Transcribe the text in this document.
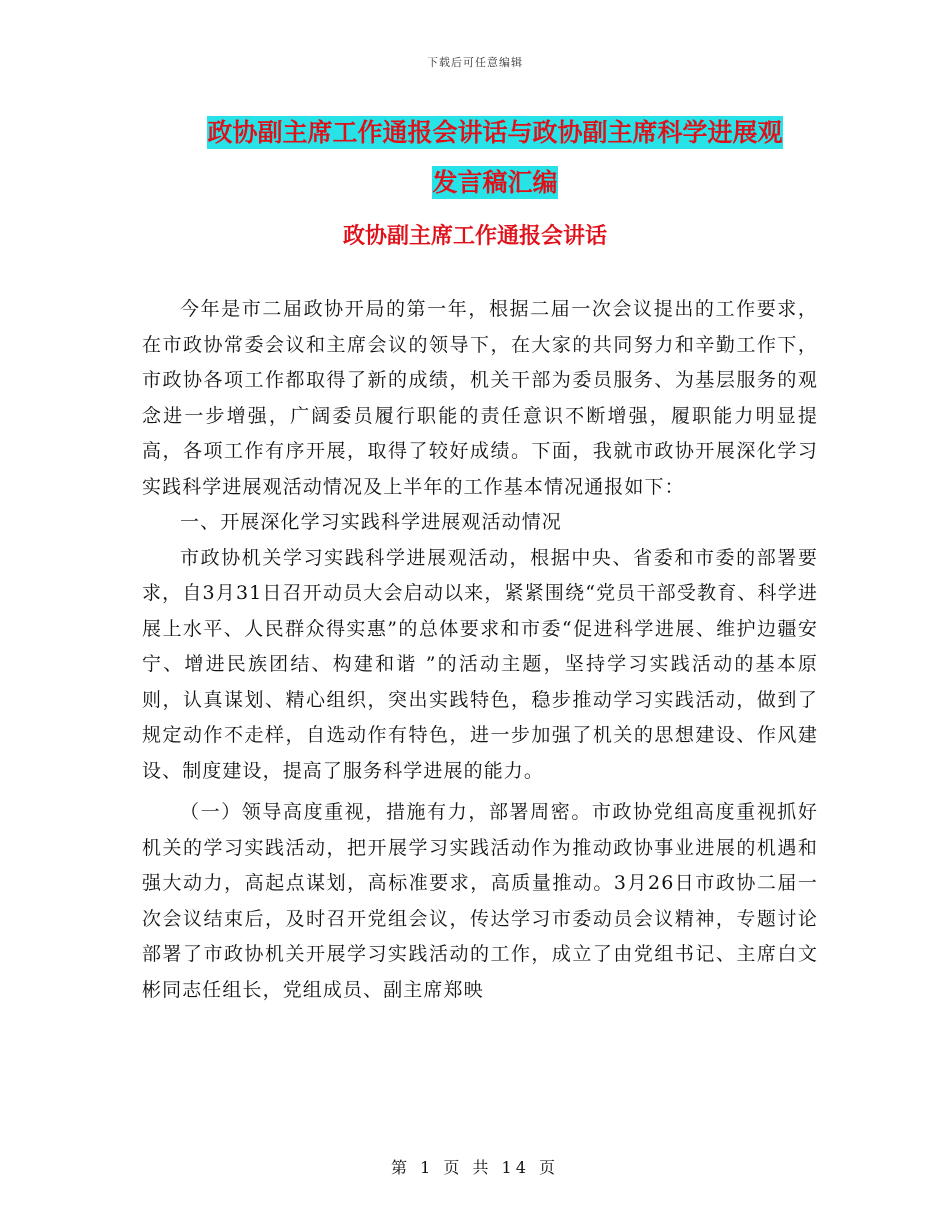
下载后可任意编辑
政协副主席工作通报会讲话与政协副主席科学进展观
发言稿汇编
政协副主席工作通报会讲话

今年是市二届政协开局的第一年，根据二届一次会议提出的工作要求，在市政协常委会议和主席会议的领导下，在大家的共同努力和辛勤工作下，市政协各项工作都取得了新的成绩，机关干部为委员服务、为基层服务的观念进一步增强，广阔委员履行职能的责任意识不断增强，履职能力明显提高，各项工作有序开展，取得了较好成绩。下面，我就市政协开展深化学习实践科学进展观活动情况及上半年的工作基本情况通报如下：

一、开展深化学习实践科学进展观活动情况

市政协机关学习实践科学进展观活动，根据中央、省委和市委的部署要求，自3月31日召开动员大会启动以来，紧紧围绕“党员干部受教育、科学进展上水平、人民群众得实惠”的总体要求和市委“促进科学进展、维护边疆安宁、增进民族团结、构建和谐 ”的活动主题，坚持学习实践活动的基本原则，认真谋划、精心组织，突出实践特色，稳步推动学习实践活动，做到了规定动作不走样，自选动作有特色，进一步加强了机关的思想建设、作风建设、制度建设，提高了服务科学进展的能力。

（一）领导高度重视，措施有力，部署周密。市政协党组高度重视抓好机关的学习实践活动，把开展学习实践活动作为推动政协事业进展的机遇和强大动力，高起点谋划，高标准要求，高质量推动。3月26日市政协二届一次会议结束后，及时召开党组会议，传达学习市委动员会议精神，专题讨论部署了市政协机关开展学习实践活动的工作，成立了由党组书记、主席白文彬同志任组长，党组成员、副主席郑映

第 1 页 共 14 页
